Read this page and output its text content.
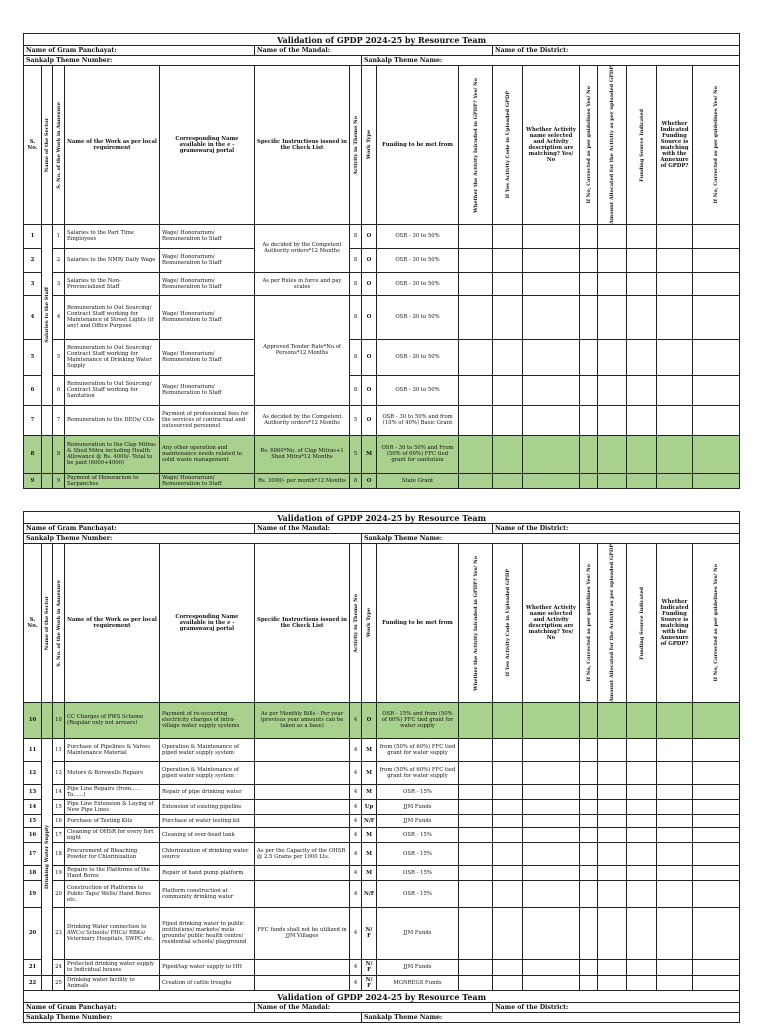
Validation of GPDP 2024-25 by Resource Team																
Name of Gram Panchayat:					Name of the Mandal:					Name of the District:						
Sankalp Theme Number:							Sankalp Theme Name:									
S. No.	Name of the Sector	S. No. of the Work in Annexure	Name of the Work as per local requirement	Corresponding Name available in the e - gramswaraj portal	Specific Instructions issued in the Check List	Activity in Theme No	Work Type	Funding to be met from	Whether the Activity Inlcuded in GPDP? Yes/ No	If Yes Activity Code in Uploaded GPDP	Whether Activity name selected and Activity description are matching? Yes/ No	If No, Corrected as per guidelines Yes/ No	Amount Allocated for the Activity as per uploaded GPDP	Funding Source Indicated	Whether Indicated Funding Source is matching with the Annexure of GPDP?	If No, Corrected as per guidelines Yes/ No

1	Salaries to the Staff	1	Salaries to the Part Time Employees	Wage/ Honorarium/ Remuneration to Staff	As decided by the Competent Authority orders*12 Months	8	O	OSR - 30 to 50%								
2		2	Salaries to the NMR/ Daily Wage	Wage/ Honorarium/ Remuneration to Staff		8	O	OSR - 30 to 50%								
3		3	Salaries to the Non-Provincialized Staff	Wage/ Honorarium/ Remuneration to Staff	As per Rules in force and pay scales	8	O	OSR - 30 to 50%								
4		4	Remuneration to Out Sourcing/ Contract Staff working for Maintenance of Street Lights (if any) and Office Purpose	Wage/ Honorarium/ Remuneration to Staff	Approved Tender Rate*No.of Persons*12 Months	8	O	OSR - 30 to 50%								
5		5	Remuneration to Out Sourcing/ Contract Staff working for Maintenance of Drinking Water Supply	Wage/ Honorarium/ Remuneration to Staff		8	O	OSR - 30 to 50%								
6		6	Remuneration to Out Sourcing/ Contract Staff working for Sanitation	Wage/ Honorarium/ Remuneration to Staff		8	O	OSR - 30 to 50%								
7		7	Remuneration to the DEOs/ COs	Payment of professional fees for the services of contractual and outsourced personnel	As decided by the Competent Authority orders*12 Months	5	O	OSR - 30 to 50% and from (10% of 40%) Basic Grant								
8		8	Remuneration to the Clap Mitras & Shed Mitra including Health Allowance @ Rs. 4000/- Total to be paid (6000+4000)	Any other operation and maintenance needs related to solid waste management	Rs. 6000*No. of Clap Mitras+1 Shed Mitra*12 Months	5	M	OSR - 30 to 50% and From (50% of 60%) FFC tied grant for sanitation								
9		9	Payment of Honorarium to Sarpanches	Wage/ Honorarium/ Remuneration to Staff	Rs. 3000/- per month*12 Months	8	O	State Grant								
Validation of GPDP 2024-25 by Resource Team																
Name of Gram Panchayat:					Name of the Mandal:					Name of the District:						
Sankalp Theme Number:							Sankalp Theme Name:									
S. No.	Name of the Sector	S. No. of the Work in Annexure	Name of the Work as per local requirement	Corresponding Name available in the e - gramswaraj portal	Specific Instructions issued in the Check List	Activity in Theme No	Work Type	Funding to be met from	Whether the Activity Inlcuded in GPDP? Yes/ No	If Yes Activity Code in Uploaded GPDP	Whether Activity name selected and Activity description are matching? Yes/ No	If No, Corrected as per guidelines Yes/ No	Amount Allocated for the Activity as per uploaded GPDP	Funding Source Indicated	Whether Indicated Funding Source is matching with the Annexure of GPDP?	If No, Corrected as per guidelines Yes/ No

10		10	CC Charges of PWS Scheme (Regular only not arrears)	Payment of re-occurring electricity charges of intra-village water supply systems	As per Monthly Bills - Per year (previous year amounts can be taken as a base)	4	O	OSR - 15% and from (50% of 60%) FFC tied grant for water supply								
11	Drinking Water Supply	11	Purchase of Pipelines & Valves Maintenance Material	Operation & Maintenance of piped water supply system		4	M	from (50% of 60%) FFC tied grant for water supply								
12		13	Motors & Borewells Repairs	Operation & Maintenance of piped water supply system		4	M	from (50% of 60%) FFC tied grant for water supply								
13		14	Pipe Line Repairs (from...... To......)	Repair of pipe drinking water		4	M	OSR - 15%								
14		15	Pipe Line Extension & Laying of New Pipe Lines	Extension of existing pipeline		4	Up	JJM Funds								
15		16	Purchase of Testing Kits	Purchase of water testing kit		4	N/F	JJM Funds								
16		17	Cleaning of OHSR for every fort night	Cleaning of over-head tank		4	M	OSR - 15%								
17		18	Procurement of Bleaching Powder for Chlorinization	Chlorinization of drinking water source	As per the Capacity of the OHSR @ 2.5 Grams per 1000 Lts.	4	M	OSR - 15%								
18		19	Repairs to the Platforms of the Hand Bores	Repair of hand pump platform		4	M	OSR - 15%								
19		20	Construction of Platforms to Public Taps/ Wells/ Hand Bores etc.	Platform construction at community drinking water		4	N/F	OSR - 15%								
20		23	Drinking Water connection to AWCs/ Schools/ PHCs/ RBKs/ Veterinary Hospitals, SWPC etc.	Piped drinking water to public institutions/ markets/ mela grounds/ public health centre/ residential schools/ playground	FFC funds shall not be utilized in JJM Villages	4	N/ F	JJM Funds								
21		24	Protected drinking water supply to Individual houses	Piped/tap water supply to HH		4	N/ F	JJM Funds								
22		25	Drinking water facility to Animals	Creation of cattle troughs		4	N/ F	MGNREGS Funds								
Validation of GPDP 2024-25 by Resource Team			
Name of Gram Panchayat:	Name of the Mandal:		Name of the District:
Sankalp Theme Number:		Sankalp Theme Name:	
